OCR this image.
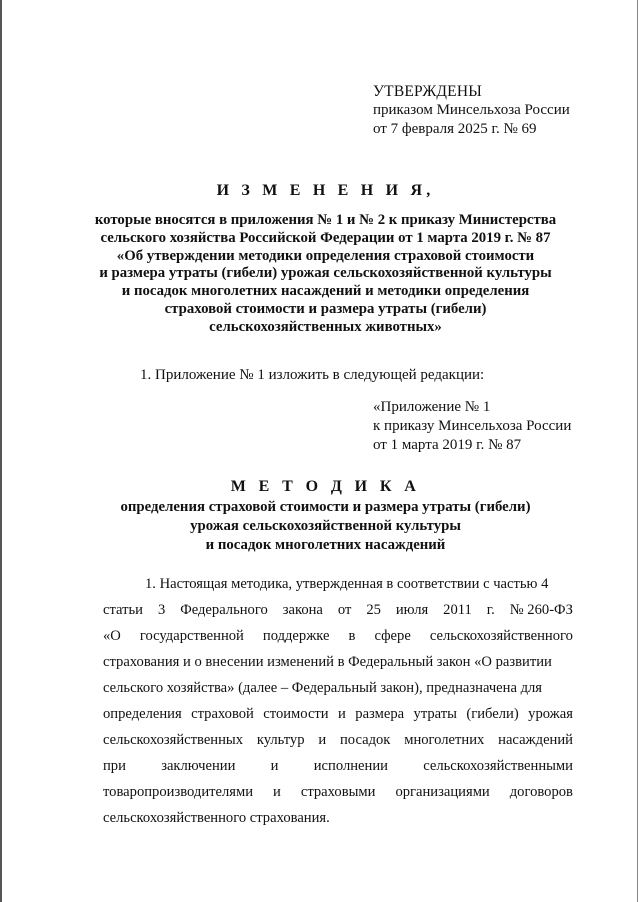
УТВЕРЖДЕНЫ
приказом Минсельхоза России
от 7 февраля 2025 г. № 69
И З М Е Н Е Н И Я,
которые вносятся в приложения № 1 и № 2 к приказу Министерства
сельского хозяйства Российской Федерации от 1 марта 2019 г. № 87
«Об утверждении методики определения страховой стоимости
и размера утраты (гибели) урожая сельскохозяйственной культуры
и посадок многолетних насаждений и методики определения
страховой стоимости и размера утраты (гибели)
сельскохозяйственных животных»
1. Приложение № 1 изложить в следующей редакции:
«Приложение № 1
к приказу Минсельхоза России
от 1 марта 2019 г. № 87
М Е Т О Д И К А
определения страховой стоимости и размера утраты (гибели)
урожая сельскохозяйственной культуры
и посадок многолетних насаждений
1. Настоящая методика, утвержденная в соответствии с частью 4
статьи 3 Федерального закона от 25 июля 2011 г. № 260-ФЗ
«О государственной поддержке в сфере сельскохозяйственного
страхования и о внесении изменений в Федеральный закон «О развитии
сельского хозяйства» (далее – Федеральный закон), предназначена для
определения страховой стоимости и размера утраты (гибели) урожая
сельскохозяйственных культур и посадок многолетних насаждений
при заключении и исполнении сельскохозяйственными
товаропроизводителями и страховыми организациями договоров
сельскохозяйственного страхования.
